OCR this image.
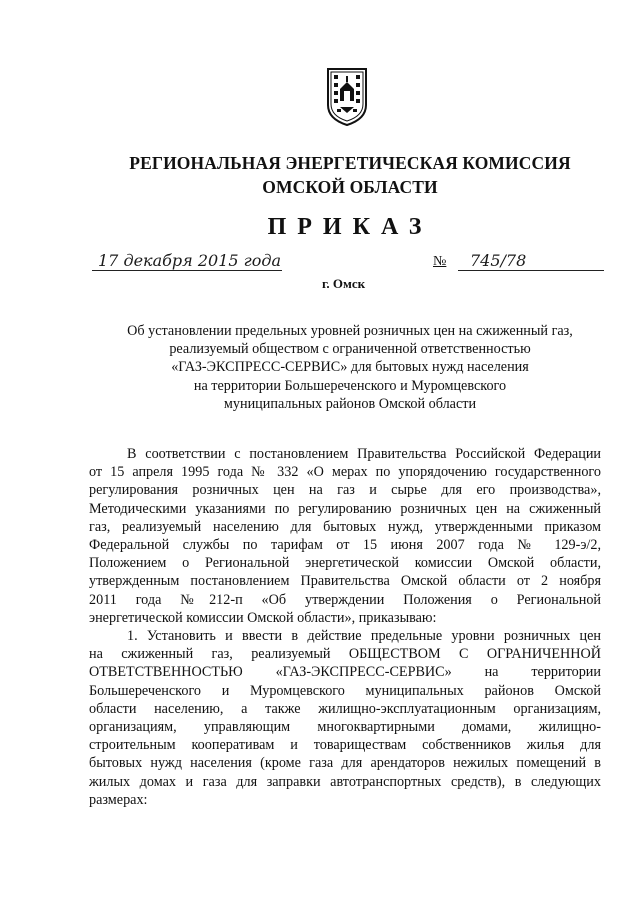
РЕГИОНАЛЬНАЯ ЭНЕРГЕТИЧЕСКАЯ КОМИССИЯ
ОМСКОЙ ОБЛАСТИ
ПРИКАЗ
17 декабря 2015 года	№ 745/78
г. Омск
Об установлении предельных уровней розничных цен на сжиженный газ,
реализуемый обществом с ограниченной ответственностью
«ГАЗ-ЭКСПРЕСС-СЕРВИС» для бытовых нужд населения
на территории Большереченского и Муромцевского
муниципальных районов Омской области
В соответствии с постановлением Правительства Российской Федерации
от 15 апреля 1995 года № 332 «О мерах по упорядочению государственного
регулирования розничных цен на газ и сырье для его производства»,
Методическими указаниями по регулированию розничных цен на сжиженный
газ, реализуемый населению для бытовых нужд, утвержденными приказом
Федеральной службы по тарифам от 15 июня 2007 года № 129-э/2,
Положением о Региональной энергетической комиссии Омской области,
утвержденным постановлением Правительства Омской области от 2 ноября
2011 года №212-п «Об утверждении Положения о Региональной
энергетической комиссии Омской области», приказываю:
1. Установить и ввести в действие предельные уровни розничных цен
на сжиженный газ, реализуемый ОБЩЕСТВОМ С ОГРАНИЧЕННОЙ
ОТВЕТСТВЕННОСТЬЮ «ГАЗ-ЭКСПРЕСС-СЕРВИС» на территории
Большереченского и Муромцевского муниципальных районов Омской
области населению, а также жилищно-эксплуатационным организациям,
организациям, управляющим многоквартирными домами, жилищно-
строительным кооперативам и товариществам собственников жилья для
бытовых нужд населения (кроме газа для арендаторов нежилых помещений в
жилых домах и газа для заправки автотранспортных средств), в следующих
размерах:
